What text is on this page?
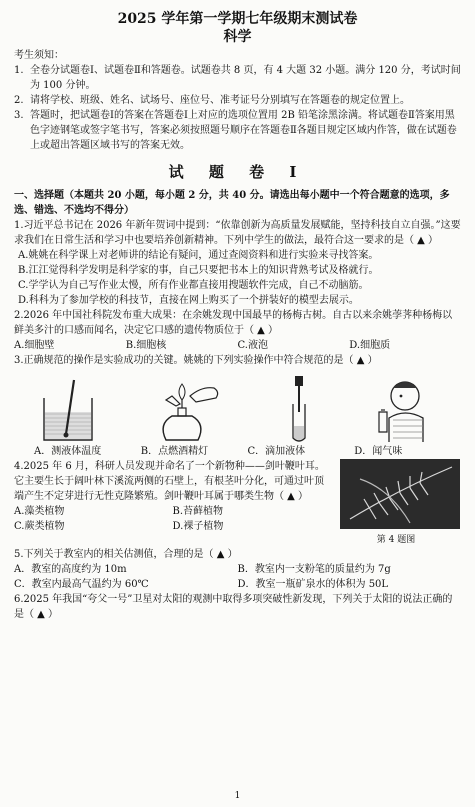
2025 学年第一学期七年级期末测试卷
科学
考生须知：
1. 全卷分试题卷Ⅰ、试题卷Ⅱ和答题卷。试题卷共 8 页，有 4 大题 32 小题。满分 120 分，考试时间为 100 分钟。
2. 请将学校、班级、姓名、试场号、座位号、准考证号分别填写在答题卷的规定位置上。
3. 答题时，把试题卷Ⅰ的答案在答题卷Ⅰ上对应的选项位置用 2B 铅笔涂黑涂满。将试题卷Ⅱ答案用黑色字迹钢笔或签字笔书写，答案必须按照题号顺序在答题卷Ⅱ各题目规定区域内作答，做在试题卷上或超出答题区域书写的答案无效。
试 题 卷 Ⅰ
一、选择题（本题共 20 小题，每小题 2 分，共 40 分。请选出每小题中一个符合题意的选项，多选、错选、不选均不得分）
1.习近平总书记在 2026 年新年贺词中提到：“依靠创新为高质量发展赋能，坚持科技自立自强。”这要求我们在日常生活和学习中也要培养创新精神。下列中学生的做法，最符合这一要求的是（ ▲ ）
A.姚姚在科学课上对老师讲的结论有疑问，通过查阅资料和进行实验来寻找答案。
B.江江觉得科学发明是科学家的事，自己只要把书本上的知识背熟考试及格就行。
C.学学认为自己写作业太慢，所有作业都直接用搜题软件完成，自己不动脑筋。
D.科科为了参加学校的科技节，直接在网上购买了一个拼装好的模型去展示。
2.2026 年中国社科院发布重大成果：在余姚发现中国最早的杨梅古树。自古以来余姚荸荠种杨梅以鲜美多汁的口感而闻名，决定它口感的遗传物质位于（ ▲ ）
A.细胞壁	B.细胞核	C.液泡	D.细胞质
3.正确规范的操作是实验成功的关键。姚姚的下列实验操作中符合规范的是（ ▲ ）
A．测液体温度	B．点燃酒精灯	C．滴加液体	D．闻气味
4.2025 年 6 月，科研人员发现并命名了一个新物种——剑叶鞭叶耳。它主要生长于阔叶林下溪流两侧的石壁上，有根茎叶分化，可通过叶顶端产生不定芽进行无性克隆繁殖。剑叶鞭叶耳属于哪类生物（ ▲ ）
A.藻类植物	B.苔藓植物
C.蕨类植物	D.裸子植物
第 4 题图
5.下列关于教室内的相关估测值，合理的是（ ▲ ）
A．教室的高度约为 10m	B．教室内一支粉笔的质量约为 7g
C．教室内最高气温约为 60℃	D．教室一瓶矿泉水的体积为 50L
6.2025 年我国“夸父一号”卫星对太阳的观测中取得多项突破性新发现，下列关于太阳的说法正确的是（ ▲ ）
1
